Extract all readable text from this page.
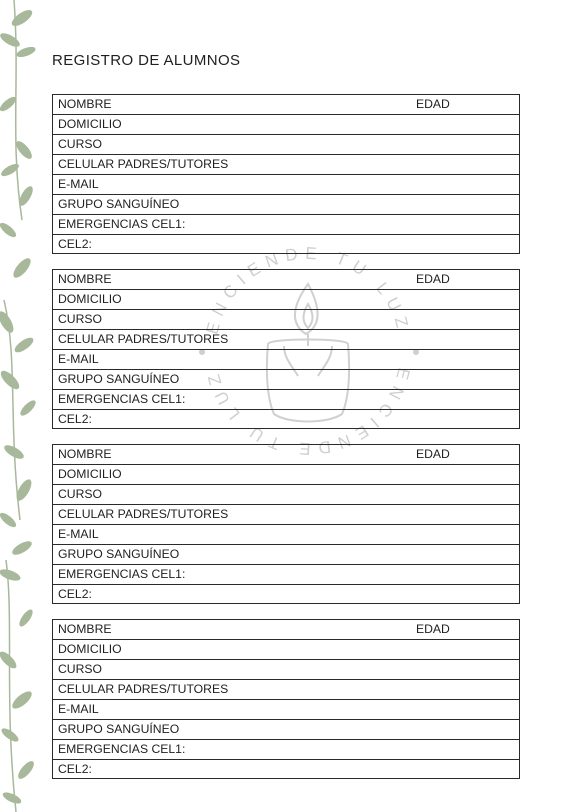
ENCIENDE TU LUZ
ENCIENDE TU LUZ
REGISTRO DE ALUMNOS
NOMBRE	EDAD
DOMICILIO
CURSO
CELULAR PADRES/TUTORES
E-MAIL
GRUPO SANGUÍNEO
EMERGENCIAS CEL1:
CEL2:
NOMBRE	EDAD
DOMICILIO
CURSO
CELULAR PADRES/TUTORES
E-MAIL
GRUPO SANGUÍNEO
EMERGENCIAS CEL1:
CEL2:
NOMBRE	EDAD
DOMICILIO
CURSO
CELULAR PADRES/TUTORES
E-MAIL
GRUPO SANGUÍNEO
EMERGENCIAS CEL1:
CEL2:
NOMBRE	EDAD
DOMICILIO
CURSO
CELULAR PADRES/TUTORES
E-MAIL
GRUPO SANGUÍNEO
EMERGENCIAS CEL1:
CEL2:
